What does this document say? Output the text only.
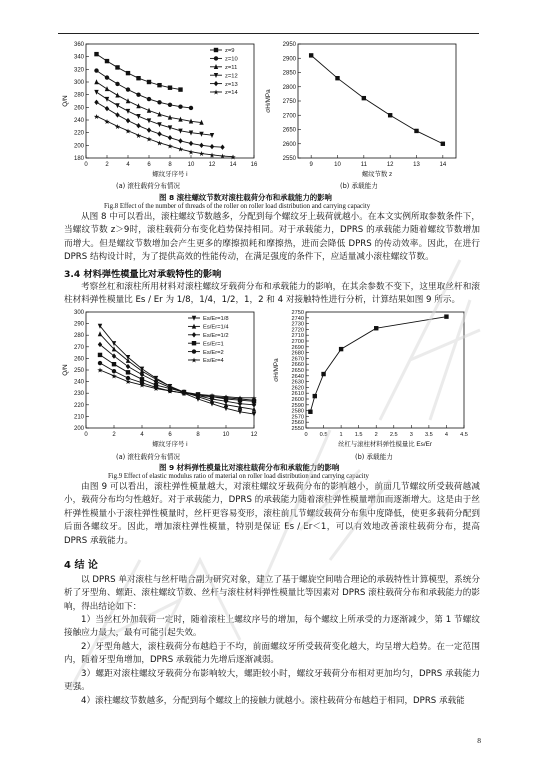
180
200
220
240
260
280
300
320
340
360
0	2	4	6	8	10 12 14 16
螺纹牙序号 i
Q/N
★
★
★
★
★
★
★ ★ ★ ★ ★ ★ ★ ★
z=9
z=10
z=11
z=12
z=13
★ z=14
2550
2600
2650
2700
2750
2800
2850
2900
2950
9	10	11	12	13	14
螺纹节数 z
σH/MPa
(a) 滚柱载荷分布情况	(b) 承载能力
图 8 滚柱螺纹节数对滚柱载荷分布和承载能力的影响
Fig.8 Effect of the number of threads of the roller on roller load distribution and carrying capacity
从图 8 中可以看出，滚柱螺纹节数越多，分配到每个螺纹牙上载荷就越小。在本文实例所取参数条件下，当螺纹节数 z＞9时，滚柱载荷分布变化趋势保持相同。对于承载能力，DPRS 的承载能力随着螺纹节数增加而增大。但是螺纹节数增加会产生更多的摩擦损耗和摩擦热，进而会降低 DPRS 的传动效率。因此，在进行 DPRS 结构设计时，为了提供高效的性能传动，在满足强度的条件下，应适量减小滚柱螺纹节数。
3.4 材料弹性模量比对承载特性的影响
考察丝杠和滚柱所用材料对滚柱螺纹牙载荷分布和承载能力的影响，在其余参数不变下，这里取丝杆和滚柱材料弹性模量比 Es / Er 为 1/8，1/4，1/2，1，2 和 4 对接触特性进行分析，计算结果如图 9 所示。
200
210
220
230
240
250
260
270
280
290
300
0	2	4	6	8	10	12
螺纹牙序号 i
Q/N	★
★
★ ★ ★ ★ ★ ★ ★ ★ ★ ★
Es/Er=1/8
Es/Er=1/4
Es/Er=1/2
Es/Er=1
Es/Er=2
★ Es/Er=4
2550
2560
2570
2580
2590
2600
2610
2620
2630
2640
2650
2660
2670
2680
2690
2700
2710
2720
2730
2740
2750
0 0.5 1 1.5 2 2.5 3 3.5 4 4.5
丝杠与滚柱材料弹性模量比 Es/Er
σH/MPa
(a) 滚柱载荷分布情况	(b) 承载能力
图 9 材料弹性模量比对滚柱载荷分布和承载能力的影响
Fig.9 Effect of elastic modulus ratio of material on roller load distribution and carrying capacity
由图 9 可以看出，滚柱弹性模量越大，对滚柱螺纹牙载荷分布的影响越小，前面几节螺纹所受载荷越减小，载荷分布均匀性越好。对于承载能力，DPRS 的承载能力随着滚柱弹性模量增加而逐渐增大。这是由于丝杆弹性模量小于滚柱弹性模量时，丝杆更容易变形，滚柱前几节螺纹载荷分布集中度降低，使更多载荷分配到后面各螺纹牙。因此，增加滚柱弹性模量，特别是保证 Es / Er＜1，可以有效地改善滚柱载荷分布，提高 DPRS 承载能力。
4 结 论
以 DPRS 单对滚柱与丝杆啮合副为研究对象，建立了基于螺旋空间啮合理论的承载特性计算模型，系统分析了牙型角、螺距、滚柱螺纹节数、丝杆与滚柱材料弹性模量比等因素对 DPRS 滚柱载荷分布和承载能力的影响，得出结论如下：
1）当丝杠外加载荷一定时，随着滚柱上螺纹序号的增加，每个螺纹上所承受的力逐渐减少，第 1 节螺纹接触应力最大，最有可能引起失效。
2）牙型角越大，滚柱载荷分布越趋于不均，前面螺纹牙所受载荷变化越大，均呈增大趋势。在一定范围内，随着牙型角增加，DPRS 承载能力先增后逐渐减弱。
3）螺距对滚柱螺纹牙载荷分布影响较大，螺距较小时，螺纹牙载荷分布相对更加均匀，DPRS 承载能力更强。
4）滚柱螺纹节数越多，分配到每个螺纹上的接触力就越小。滚柱载荷分布越趋于相同，DPRS 承载能
8
